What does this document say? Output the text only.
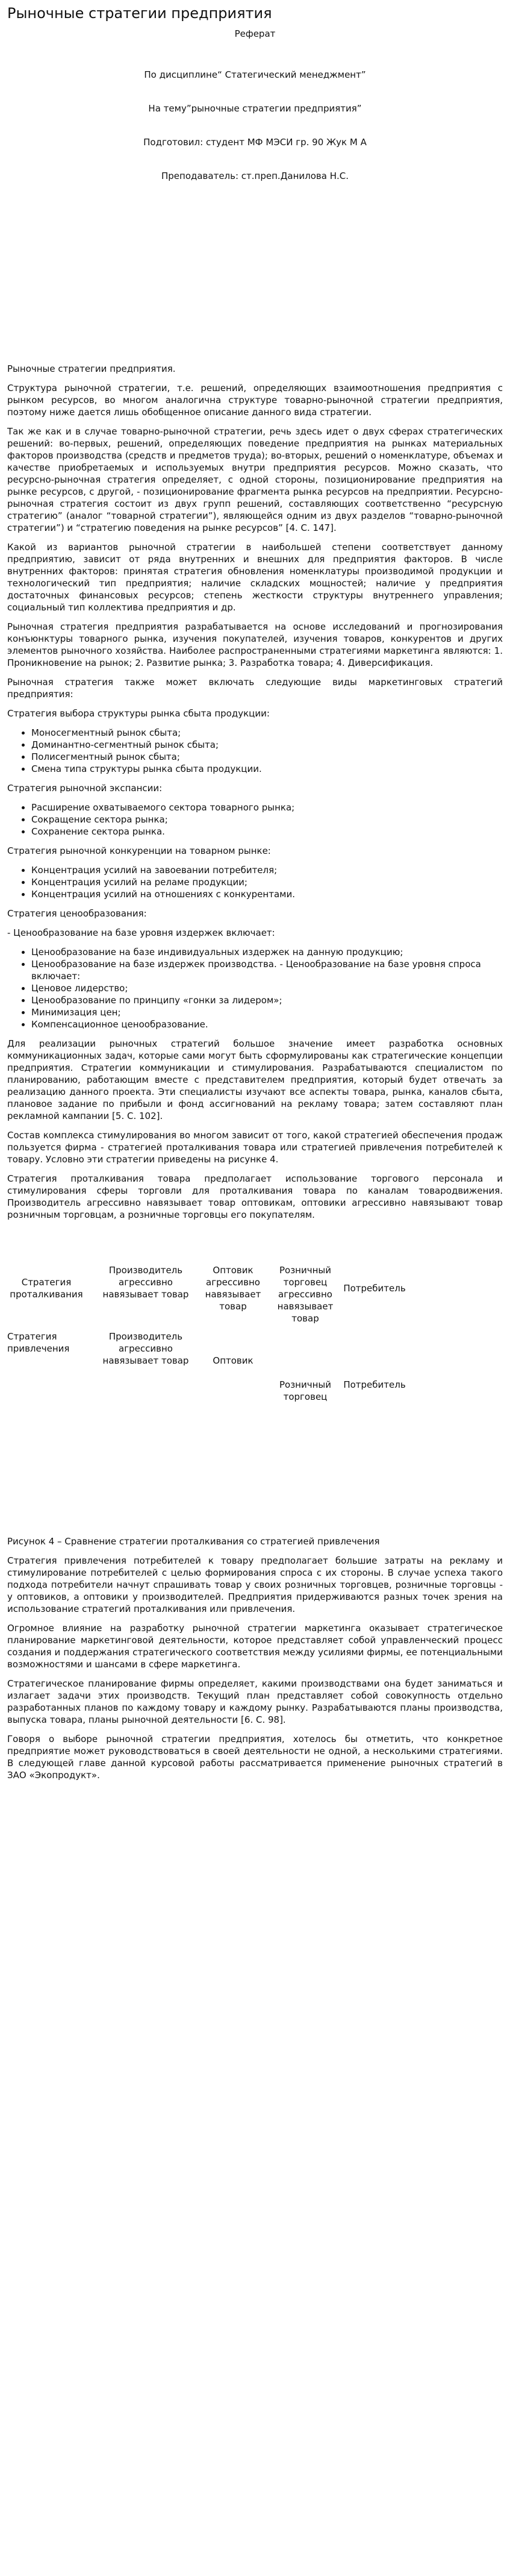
Рыночные стратегии предприятия
Реферат
По дисциплине“ Статегический менеджмент”
На тему”рыночные стратегии предприятия”
Подготовил: студент МФ МЭСИ гр. 90 Жук М А
Преподаватель: ст.преп.Данилова Н.С.

Рыночные стратегии предприятия.

Структура рыночной стратегии, т.е. решений, определяющих взаимоотношения предприятия с рынком ресурсов, во многом аналогична структуре товарно-рыночной стратегии предприятия, поэтому ниже дается лишь обобщенное описание данного вида стратегии.

Так же как и в случае товарно-рыночной стратегии, речь здесь идет о двух сферах стратегических решений: во-первых, решений, определяющих поведение предприятия на рынках материальных факторов производства (средств и предметов труда); во-вторых, решений о номенклатуре, объемах и качестве приобретаемых и используемых внутри предприятия ресурсов. Можно сказать, что ресурсно-рыночная стратегия определяет, с одной стороны, позиционирование предприятия на рынке ресурсов, с другой, - позиционирование фрагмента рынка ресурсов на предприятии. Ресурсно-рыночная стратегия состоит из двух групп решений, составляющих соответственно “ресурсную стратегию” (аналог “товарной стратегии”), являющейся одним из двух разделов “товарно-рыночной стратегии”) и “стратегию поведения на рынке ресурсов” [4. С. 147].

Какой из вариантов рыночной стратегии в наибольшей степени соответствует данному предприятию, зависит от ряда внутренних и внешних для предприятия факторов. В числе внутренних факторов: принятая стратегия обновления номенклатуры производимой продукции и технологический тип предприятия; наличие складских мощностей; наличие у предприятия достаточных финансовых ресурсов; степень жесткости структуры внутреннего управления; социальный тип коллектива предприятия и др.

Рыночная стратегия предприятия разрабатывается на основе исследований и прогнозирования конъюнктуры товарного рынка, изучения покупателей, изучения товаров, конкурентов и других элементов рыночного хозяйства. Наиболее распространенными стратегиями маркетинга являются: 1. Проникновение на рынок; 2. Развитие рынка; 3. Разработка товара; 4. Диверсификация.

Рыночная стратегия также может включать следующие виды маркетинговых стратегий предприятия:

Стратегия выбора структуры рынка сбыта продукции:

• Моносегментный рынок сбыта;
• Доминантно-сегментный рынок сбыта;
• Полисегментный рынок сбыта;
• Смена типа структуры рынка сбыта продукции.

Стратегия рыночной экспансии:

• Расширение охватываемого сектора товарного рынка;
• Сокращение сектора рынка;
• Сохранение сектора рынка.

Стратегия рыночной конкуренции на товарном рынке:

• Концентрация усилий на завоевании потребителя;
• Концентрация усилий на реламе продукции;
• Концентрация усилий на отношениях с конкурентами.

Стратегия ценообразования:

- Ценообразование на базе уровня издержек включает:

• Ценообразование на базе индивидуальных издержек на данную продукцию;
• Ценообразование на базе издержек производства. - Ценообразование на базе уровня спроса включает:
• Ценовое лидерство;
• Ценообразование по принципу «гонки за лидером»;
• Минимизация цен;
• Компенсационное ценообразование.

Для реализации рыночных стратегий большое значение имеет разработка основных коммуникационных задач, которые сами могут быть сформулированы как стратегические концепции предприятия. Стратегии коммуникации и стимулирования. Разрабатываются специалистом по планированию, работающим вместе с представителем предприятия, который будет отвечать за реализацию данного проекта. Эти специалисты изучают все аспекты товара, рынка, каналов сбыта, плановое задание по прибыли и фонд ассигнований на рекламу товара; затем составляют план рекламной кампании [5. С. 102].

Состав комплекса стимулирования во многом зависит от того, какой стратегией обеспечения продаж пользуется фирма - стратегией проталкивания товара или стратегией привлечения потребителей к товару. Условно эти стратегии приведены на рисунке 4.

Стратегия проталкивания товара предполагает использование торгового персонала и стимулирования сферы торговли для проталкивания товара по каналам товародвижения. Производитель агрессивно навязывает товар оптовикам, оптовики агрессивно навязывают товар розничным торговцам, а розничные торговцы его покупателям.

Стратегия проталкивания
Производитель агрессивно навязывает товар
Оптовик агрессивно навязывает товар
Розничный торговец агрессивно навязывает товар
Потребитель
Стратегия привлечения
Производитель агрессивно навязывает товар	Оптовик
Розничный торговец
Потребитель

Рисунок 4 – Сравнение стратегии проталкивания со стратегией привлечения

Стратегия привлечения потребителей к товару предполагает большие затраты на рекламу и стимулирование потребителей с целью формирования спроса с их стороны. В случае успеха такого подхода потребители начнут спрашивать товар у своих розничных торговцев, розничные торговцы - у оптовиков, а оптовики у производителей. Предприятия придерживаются разных точек зрения на использование стратегий проталкивания или привлечения.

Огромное влияние на разработку рыночной стратегии маркетинга оказывает стратегическое планирование маркетинговой деятельности, которое представляет собой управленческий процесс создания и поддержания стратегического соответствия между усилиями фирмы, ее потенциальными возможностями и шансами в сфере маркетинга.

Стратегическое планирование фирмы определяет, какими производствами она будет заниматься и излагает задачи этих производств. Текущий план представляет собой совокупность отдельно разработанных планов по каждому товару и каждому рынку. Разрабатываются планы производства, выпуска товара, планы рыночной деятельности [6. С. 98].

Говоря о выборе рыночной стратегии предприятия, хотелось бы отметить, что конкретное предприятие может руководствоваться в своей деятельности не одной, а несколькими стратегиями. В следующей главе данной курсовой работы рассматривается применение рыночных стратегий в ЗАО «Экопродукт».
